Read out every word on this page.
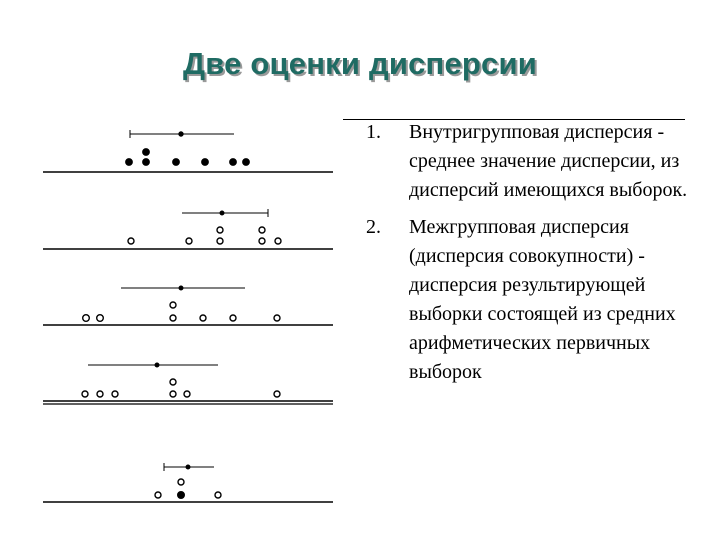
Две оценки дисперсии
1. Внутригрупповая дисперсия - среднее значение дисперсии, из дисперсий имеющихся выборок.
2. Межгрупповая дисперсия (дисперсия совокупности) - дисперсия результирующей выборки состоящей из средних арифметических первичных выборок
